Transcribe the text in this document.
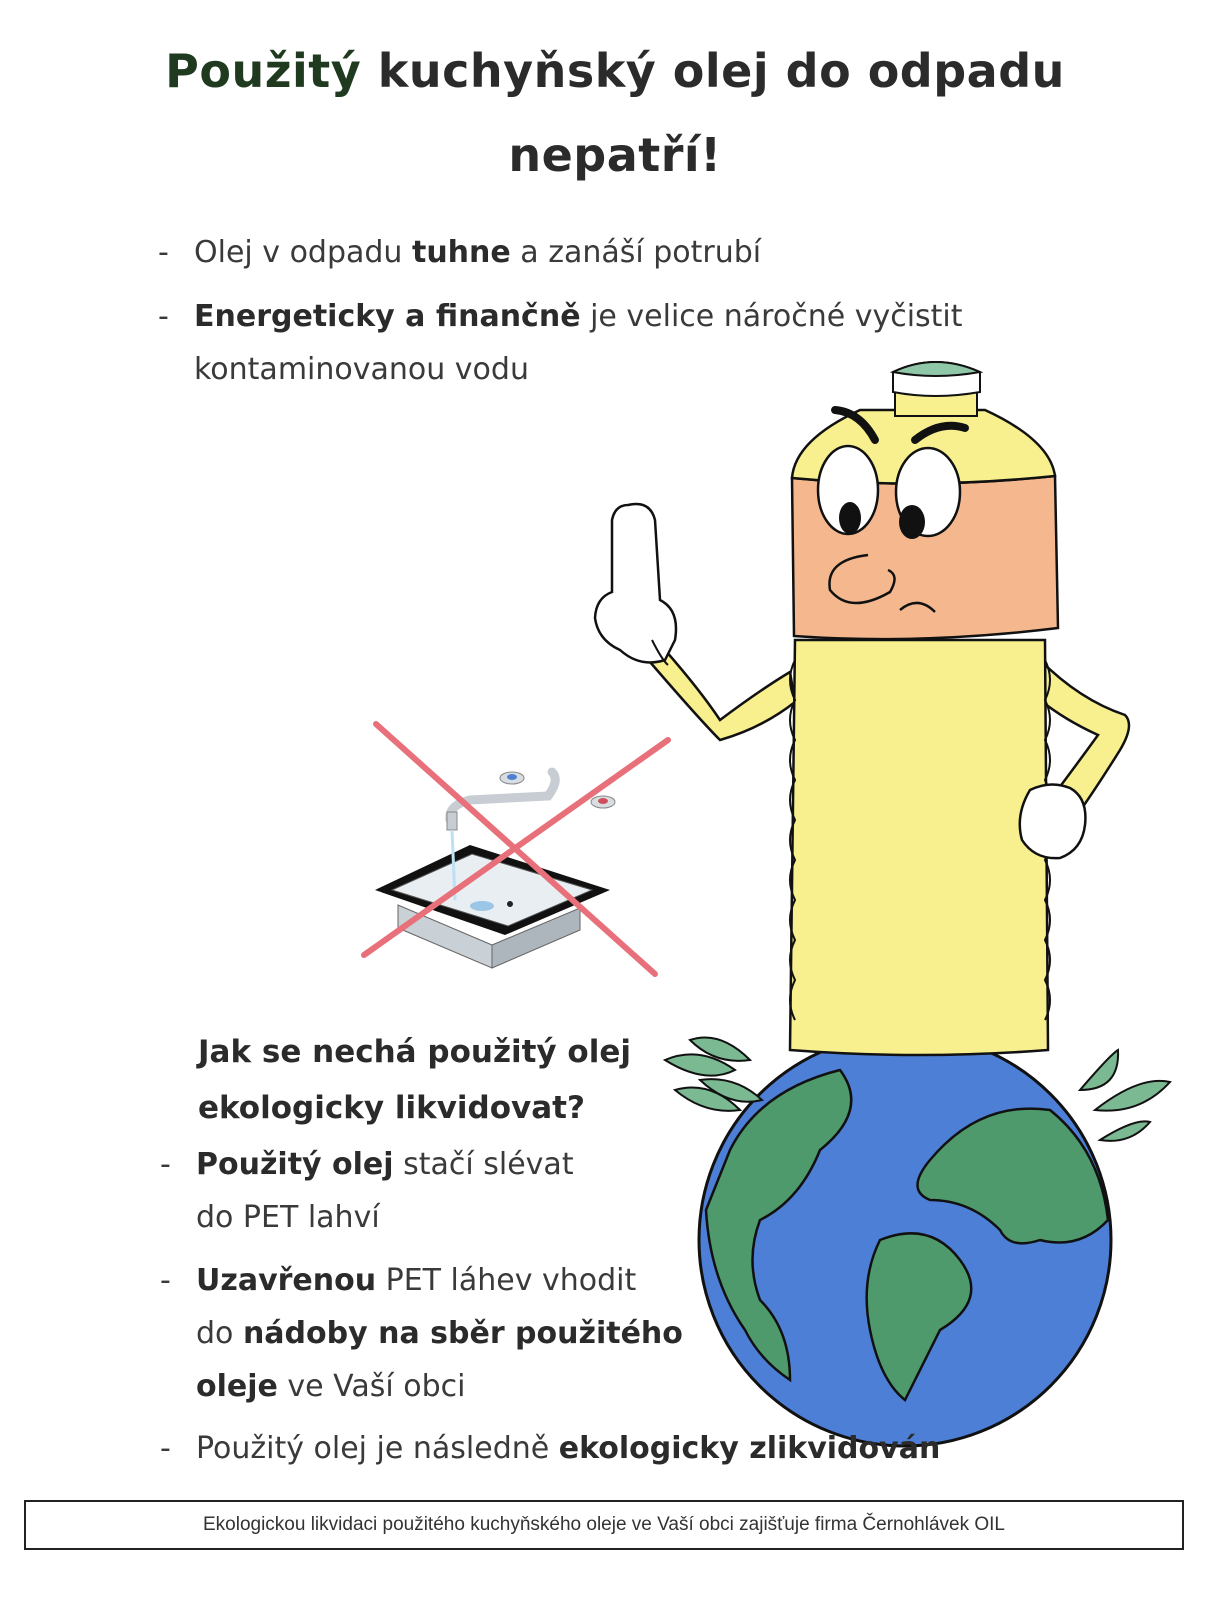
Použitý kuchyňský olej do odpadu
nepatří!
- Olej v odpadu tuhne a zanáší potrubí
- Energeticky a finančně je velice náročné vyčistit
kontaminovanou vodu
Jak se nechá použitý olej
ekologicky likvidovat?
- Použitý olej stačí slévat
do PET lahví
- Uzavřenou PET láhev vhodit
do nádoby na sběr použitého
oleje ve Vaší obci
- Použitý olej je následně ekologicky zlikvidován
Ekologickou likvidaci použitého kuchyňského oleje ve Vaší obci zajišťuje firma Černohlávek OIL
